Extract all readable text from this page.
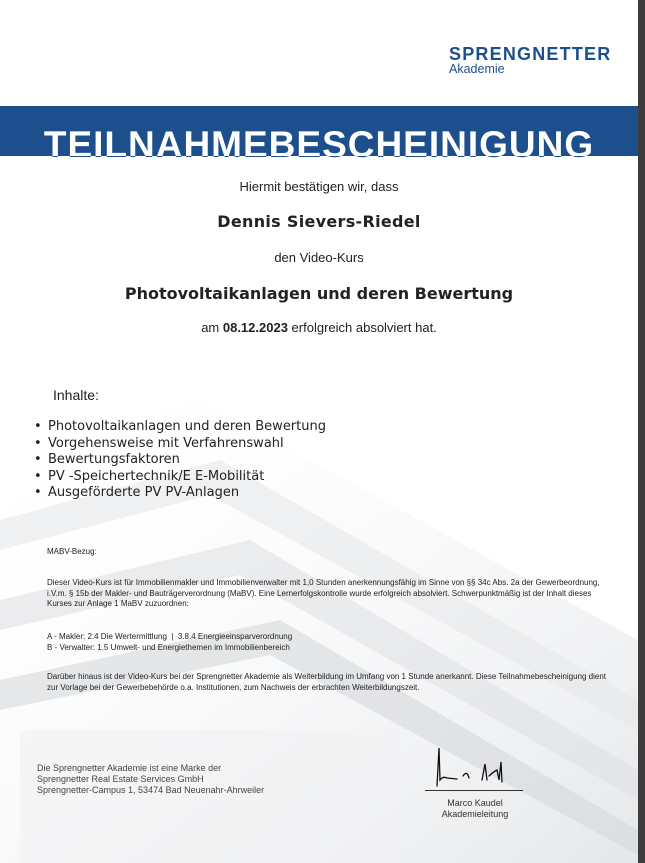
SPRENGNETTER
Akademie
TEILNAHMEBESCHEINIGUNG
Hiermit bestätigen wir, dass
Dennis Sievers-Riedel
den Video-Kurs
Photovoltaikanlagen und deren Bewertung
am 08.12.2023 erfolgreich absolviert hat.
Inhalte:
• Photovoltaikanlagen und deren Bewertung
• Vorgehensweise mit Verfahrenswahl
• Bewertungsfaktoren
• PV -Speichertechnik/E E-Mobilität
• Ausgeförderte PV PV-Anlagen
MABV-Bezug:
Dieser Video-Kurs ist für Immobilienmakler und Immobilienverwalter mit 1,0 Stunden anerkennungsfähig im Sinne von §§ 34c Abs. 2a der Gewerbeordnung, i.V.m. § 15b der Makler- und Bauträgerverordnung (MaBV). Eine Lernerfolgskontrolle wurde erfolgreich absolviert. Schwerpunktmäßig ist der Inhalt dieses Kurses zur Anlage 1 MaBV zuzuordnen:
A - Makler: 2.4 Die Wertermittlung  |  3.8.4 Energieeinsparverordnung
B - Verwalter: 1.5 Umwelt- und Energiethemen im Immobilienbereich
Darüber hinaus ist der Video-Kurs bei der Sprengnetter Akademie als Weiterbildung im Umfang von 1 Stunde anerkannt. Diese Teilnahmebescheinigung dient zur Vorlage bei der Gewerbebehörde o.a. Institutionen, zum Nachweis der erbrachten Weiterbildungszeit.
Die Sprengnetter Akademie ist eine Marke der
Sprengnetter Real Estate Services GmbH
Sprengnetter-Campus 1, 53474 Bad Neuenahr-Ahrweiler
Marco Kaudel
Akademieleitung
